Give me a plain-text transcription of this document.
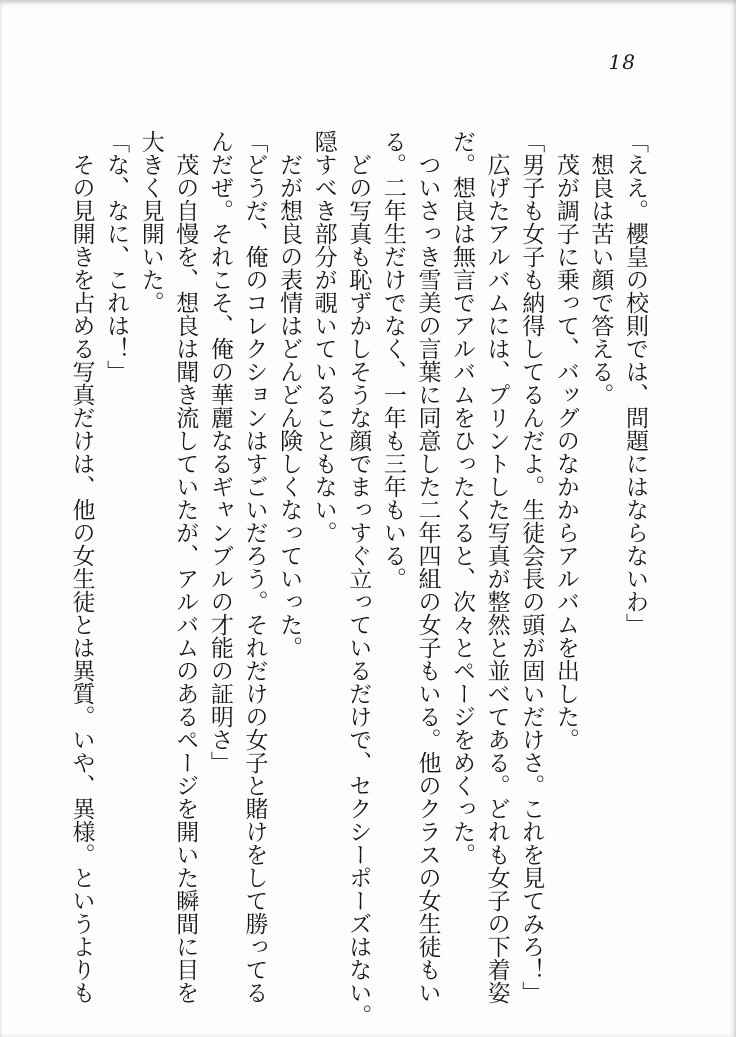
18
「ええ。櫻皇の校則では、問題にはならないわ」
想良は苦い顔で答える。
茂が調子に乗って、バッグのなかからアルバムを出した。
「男子も女子も納得してるんだよ。生徒会長の頭が固いだけさ。これを見てみろ！」
広げたアルバムには、プリントした写真が整然と並べてある。どれも女子の下着姿
だ。想良は無言でアルバムをひったくると、次々とページをめくった。
ついさっき雪美の言葉に同意した二年四組の女子もいる。他のクラスの女生徒もい
る。二年生だけでなく、一年も三年もいる。
どの写真も恥ずかしそうな顔でまっすぐ立っているだけで、セクシーポーズはない。
隠すべき部分が覗いていることもない。
だが想良の表情はどんどん険しくなっていった。
「どうだ、俺のコレクションはすごいだろう。それだけの女子と賭けをして勝ってる
んだぜ。それこそ、俺の華麗なるギャンブルの才能の証明さ」
茂の自慢を、想良は聞き流していたが、アルバムのあるページを開いた瞬間に目を
大きく見開いた。
「な、なに、これは！」
その見開きを占める写真だけは、他の女生徒とは異質。いや、異様。というよりも
